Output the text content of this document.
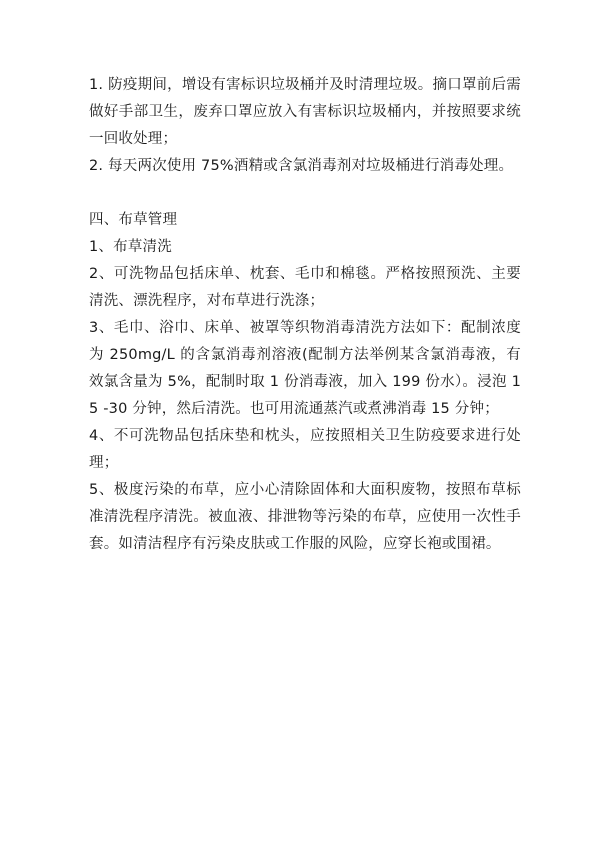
1. 防疫期间，增设有害标识垃圾桶并及时清理垃圾。摘口罩前后需做好手部卫生，废弃口罩应放入有害标识垃圾桶内，并按照要求统一回收处理；

2. 每天两次使用 75%酒精或含氯消毒剂对垃圾桶进行消毒处理。

四、布草管理

1、布草清洗

2、可洗物品包括床单、枕套、毛巾和棉毯。严格按照预洗、主要清洗、漂洗程序，对布草进行洗涤；

3、毛巾、浴巾、床单、被罩等织物消毒清洗方法如下：配制浓度为 250mg/L 的含氯消毒剂溶液(配制方法举例某含氯消毒液，有效氯含量为 5%，配制时取 1 份消毒液，加入 199 份水）。浸泡 15 -30 分钟，然后清洗。也可用流通蒸汽或煮沸消毒 15 分钟；

4、不可洗物品包括床垫和枕头，应按照相关卫生防疫要求进行处理；

5、极度污染的布草，应小心清除固体和大面积废物，按照布草标准清洗程序清洗。被血液、排泄物等污染的布草，应使用一次性手套。如清洁程序有污染皮肤或工作服的风险，应穿长袍或围裙。
